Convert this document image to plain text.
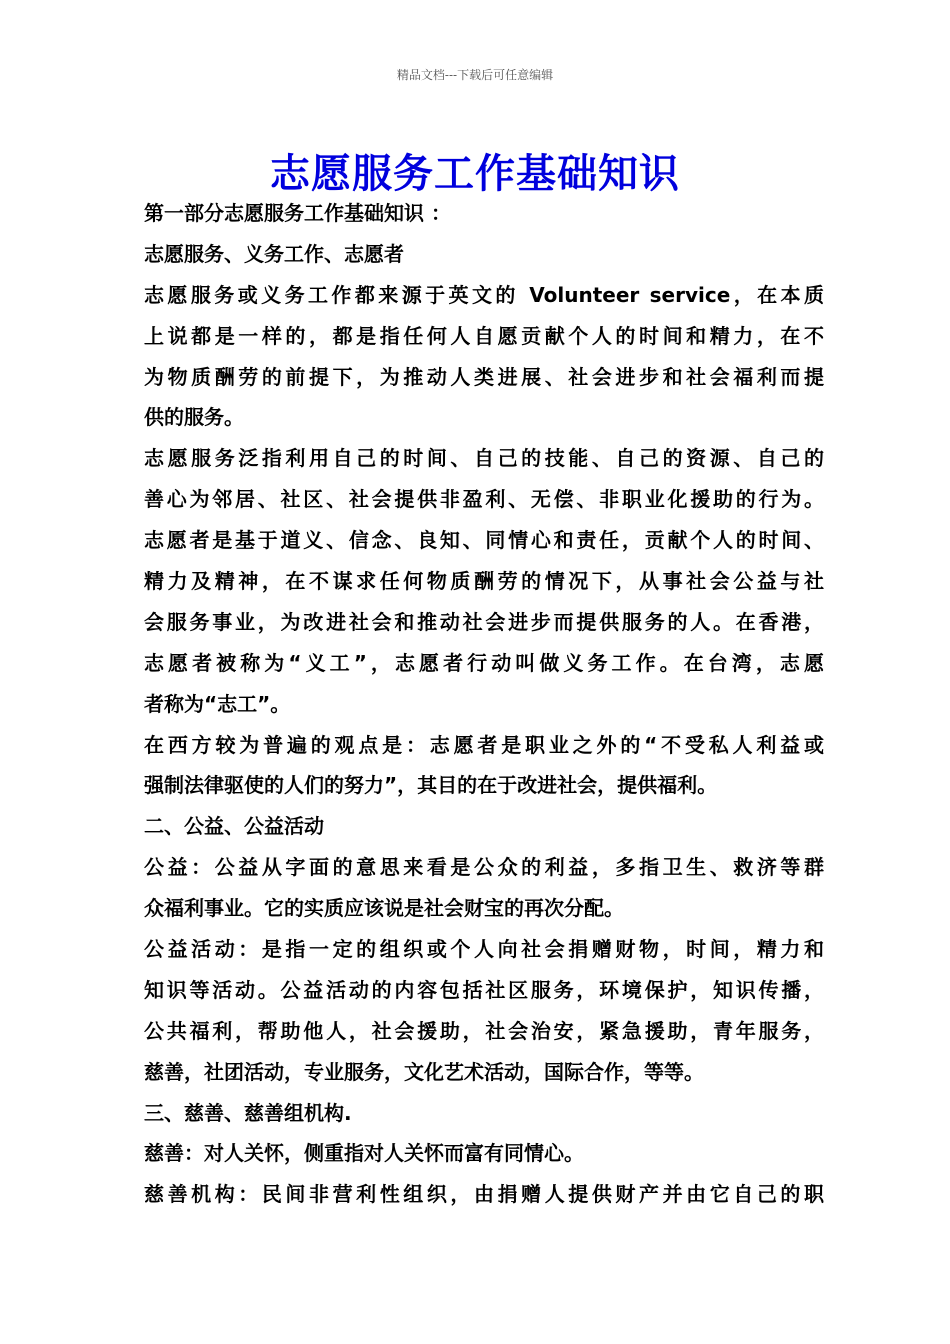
精品文档---下载后可任意编辑
志愿服务工作基础知识
第一部分志愿服务工作基础知识 ：
志愿服务、义务工作、志愿者
志愿服务或义务工作都来源于英文的 Volunteer service，在本质
上说都是一样的，都是指任何人自愿贡献个人的时间和精力，在不
为物质酬劳的前提下，为推动人类进展、社会进步和社会福利而提
供的服务。
志愿服务泛指利用自己的时间、自己的技能、自己的资源、自己的
善心为邻居、社区、社会提供非盈利、无偿、非职业化援助的行为。
志愿者是基于道义、信念、良知、同情心和责任，贡献个人的时间、
精力及精神，在不谋求任何物质酬劳的情况下，从事社会公益与社
会服务事业，为改进社会和推动社会进步而提供服务的人。在香港，
志愿者被称为“义工”，志愿者行动叫做义务工作。在台湾，志愿
者称为“志工”。
在西方较为普遍的观点是：志愿者是职业之外的“不受私人利益或
强制法律驱使的人们的努力”，其目的在于改进社会，提供福利。
二、公益、公益活动
公益：公益从字面的意思来看是公众的利益，多指卫生、救济等群
众福利事业。它的实质应该说是社会财宝的再次分配。
公益活动：是指一定的组织或个人向社会捐赠财物，时间，精力和
知识等活动。公益活动的内容包括社区服务，环境保护，知识传播，
公共福利，帮助他人，社会援助，社会治安，紧急援助，青年服务，
慈善，社团活动，专业服务，文化艺术活动，国际合作，等等。
三、慈善、慈善组机构.
慈善：对人关怀，侧重指对人关怀而富有同情心。
慈善机构：民间非营利性组织，由捐赠人提供财产并由它自己的职
